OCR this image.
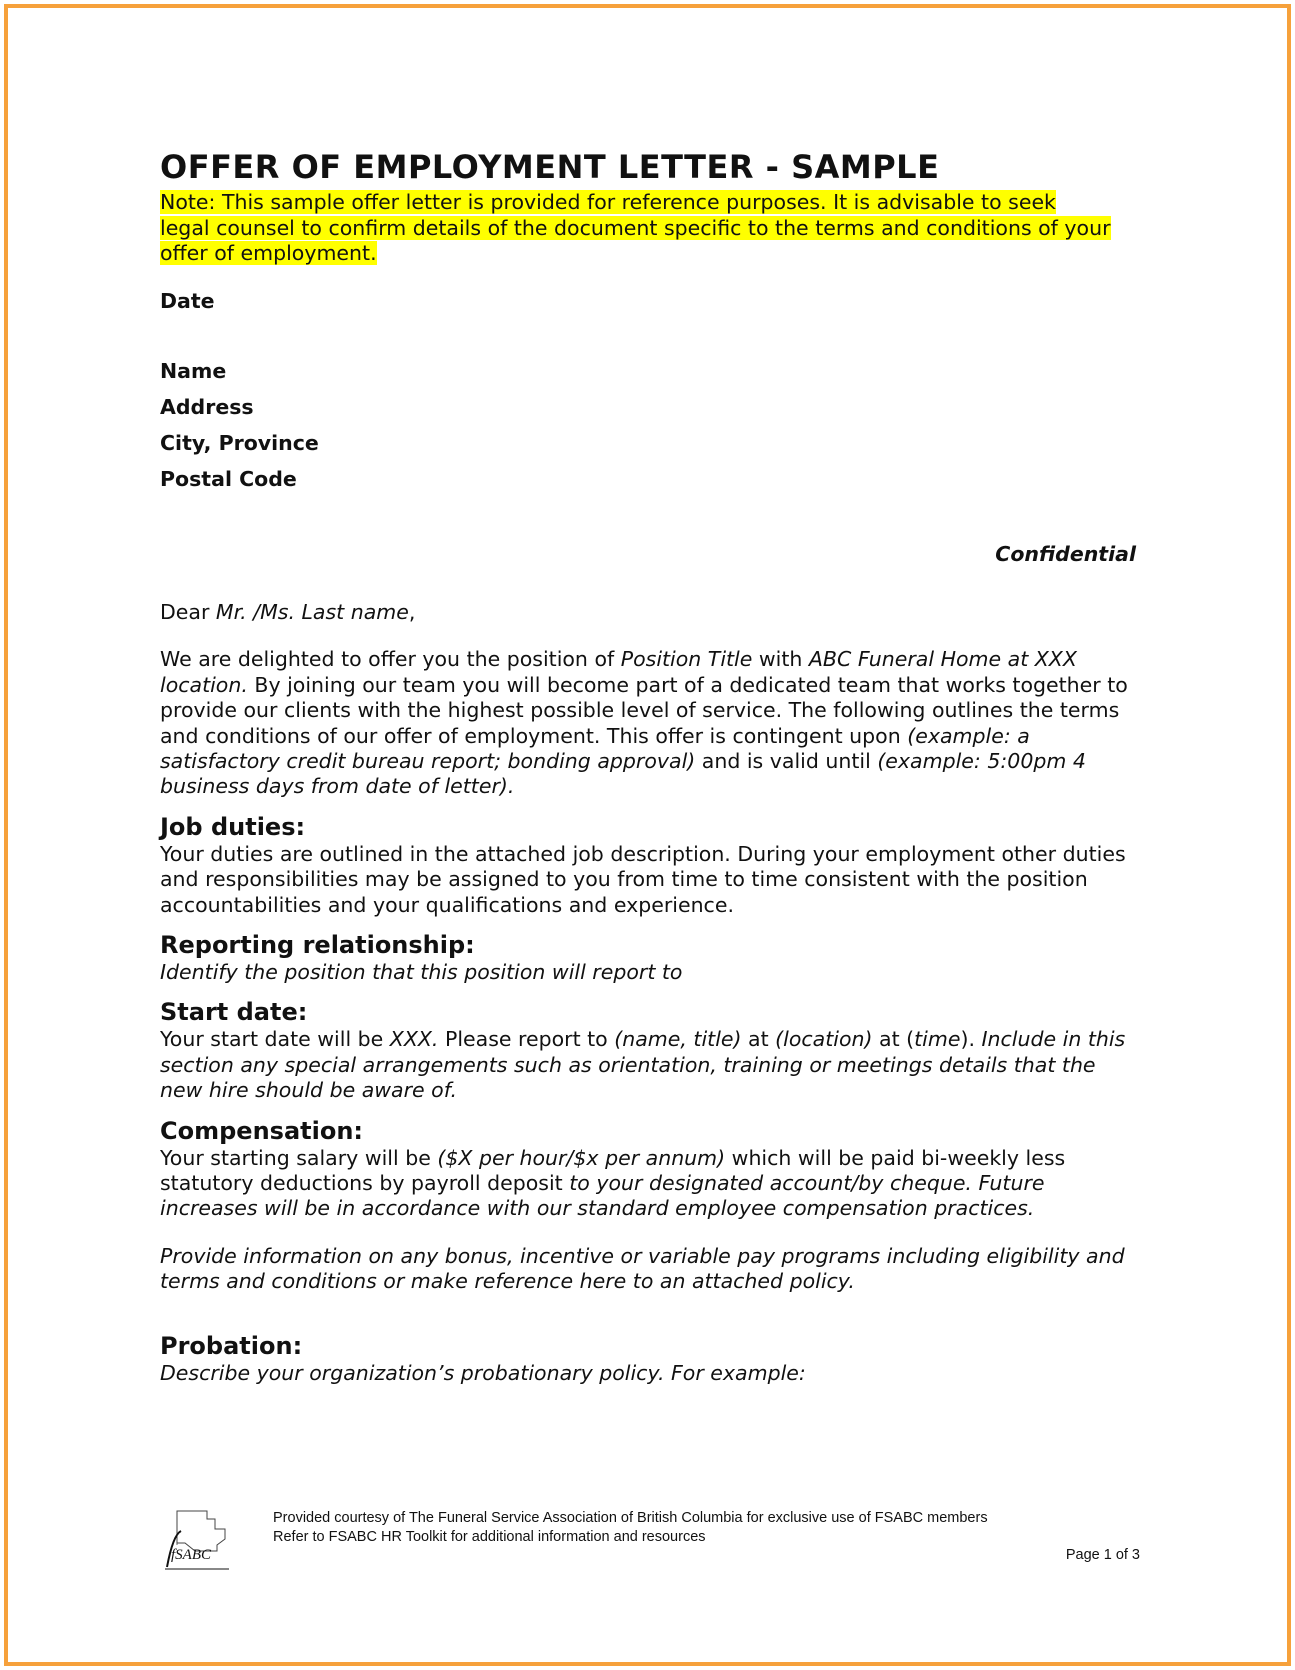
OFFER OF EMPLOYMENT LETTER - SAMPLE

Note: This sample offer letter is provided for reference purposes. It is advisable to seek
legal counsel to confirm details of the document specific to the terms and conditions of your
offer of employment.

Date

Name

Address

City, Province

Postal Code

Confidential

Dear Mr. /Ms. Last name,

We are delighted to offer you the position of Position Title with ABC Funeral Home at XXX location. By joining our team you will become part of a dedicated team that works together to provide our clients with the highest possible level of service. The following outlines the terms and conditions of our offer of employment. This offer is contingent upon (example: a satisfactory credit bureau report; bonding approval) and is valid until (example: 5:00pm 4 business days from date of letter).

Job duties:

Your duties are outlined in the attached job description. During your employment other duties and responsibilities may be assigned to you from time to time consistent with the position accountabilities and your qualifications and experience.

Reporting relationship:

Identify the position that this position will report to

Start date:

Your start date will be XXX. Please report to (name, title) at (location) at (time). Include in this section any special arrangements such as orientation, training or meetings details that the new hire should be aware of.

Compensation:

Your starting salary will be ($X per hour/$x per annum) which will be paid bi-weekly less statutory deductions by payroll deposit to your designated account/by cheque. Future increases will be in accordance with our standard employee compensation practices.

Provide information on any bonus, incentive or variable pay programs including eligibility and terms and conditions or make reference here to an attached policy.

Probation:

Describe your organization’s probationary policy. For example:

fSABC
Provided courtesy of The Funeral Service Association of British Columbia for exclusive use of FSABC members
Refer to FSABC HR Toolkit for additional information and resources
Page 1 of 3
